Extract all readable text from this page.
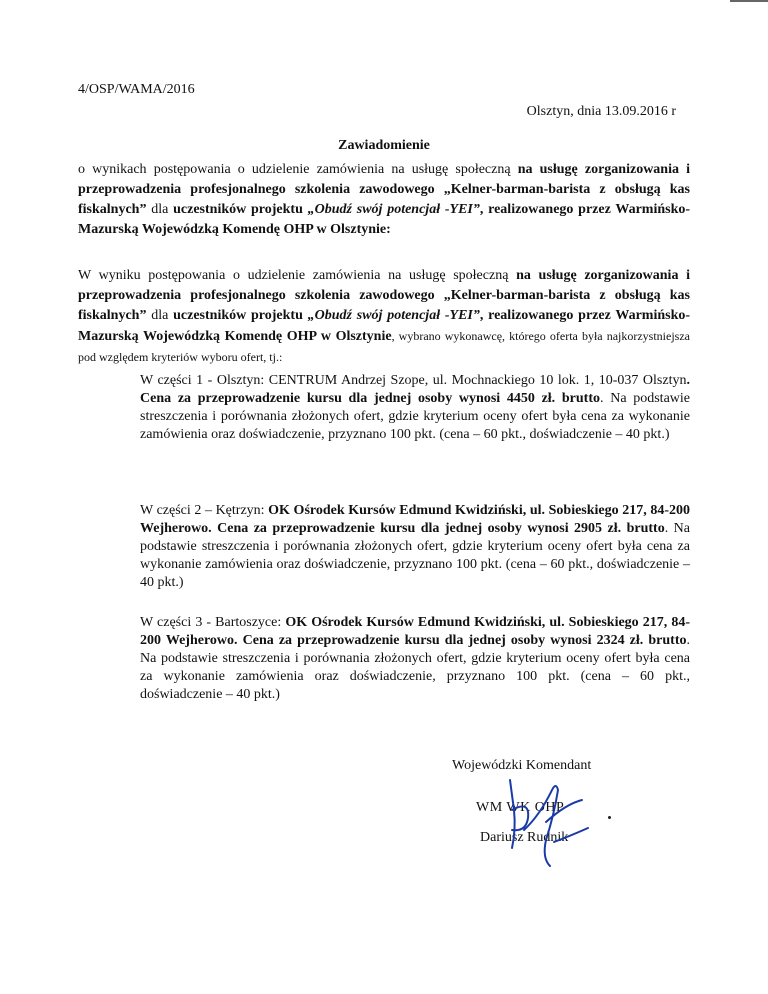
4/OSP/WAMA/2016
Olsztyn, dnia 13.09.2016 r
Zawiadomienie

o wynikach postępowania o udzielenie zamówienia na usługę społeczną na usługę zorganizowania i przeprowadzenia profesjonalnego szkolenia zawodowego „Kelner-barman-barista z obsługą kas fiskalnych” dla uczestników projektu „Obudź swój potencjał -YEI”, realizowanego przez Warmińsko-Mazurską Wojewódzką Komendę OHP w Olsztynie:

W wyniku postępowania o udzielenie zamówienia na usługę społeczną na usługę zorganizowania i przeprowadzenia profesjonalnego szkolenia zawodowego „Kelner-barman-barista z obsługą kas fiskalnych” dla uczestników projektu „Obudź swój potencjał -YEI”, realizowanego przez Warmińsko-Mazurską Wojewódzką Komendę OHP w Olsztynie, wybrano wykonawcę, którego oferta była najkorzystniejsza pod względem kryteriów wyboru ofert, tj.:

W części 1 - Olsztyn: CENTRUM Andrzej Szope, ul. Mochnackiego 10 lok. 1, 10-037 Olsztyn. Cena za przeprowadzenie kursu dla jednej osoby wynosi 4450 zł. brutto. Na podstawie streszczenia i porównania złożonych ofert, gdzie kryterium oceny ofert była cena za wykonanie zamówienia oraz doświadczenie, przyznano 100 pkt. (cena – 60 pkt., doświadczenie – 40 pkt.)

W części 2 – Kętrzyn: OK Ośrodek Kursów Edmund Kwidziński, ul. Sobieskiego 217, 84-200 Wejherowo. Cena za przeprowadzenie kursu dla jednej osoby wynosi 2905 zł. brutto. Na podstawie streszczenia i porównania złożonych ofert, gdzie kryterium oceny ofert była cena za wykonanie zamówienia oraz doświadczenie, przyznano 100 pkt. (cena – 60 pkt., doświadczenie – 40 pkt.)

W części 3 - Bartoszyce: OK Ośrodek Kursów Edmund Kwidziński, ul. Sobieskiego 217, 84-200 Wejherowo. Cena za przeprowadzenie kursu dla jednej osoby wynosi 2324 zł. brutto. Na podstawie streszczenia i porównania złożonych ofert, gdzie kryterium oceny ofert była cena za wykonanie zamówienia oraz doświadczenie, przyznano 100 pkt. (cena – 60 pkt., doświadczenie – 40 pkt.)

Wojewódzki Komendant
WM WK OHP
Dariusz Rudnik
